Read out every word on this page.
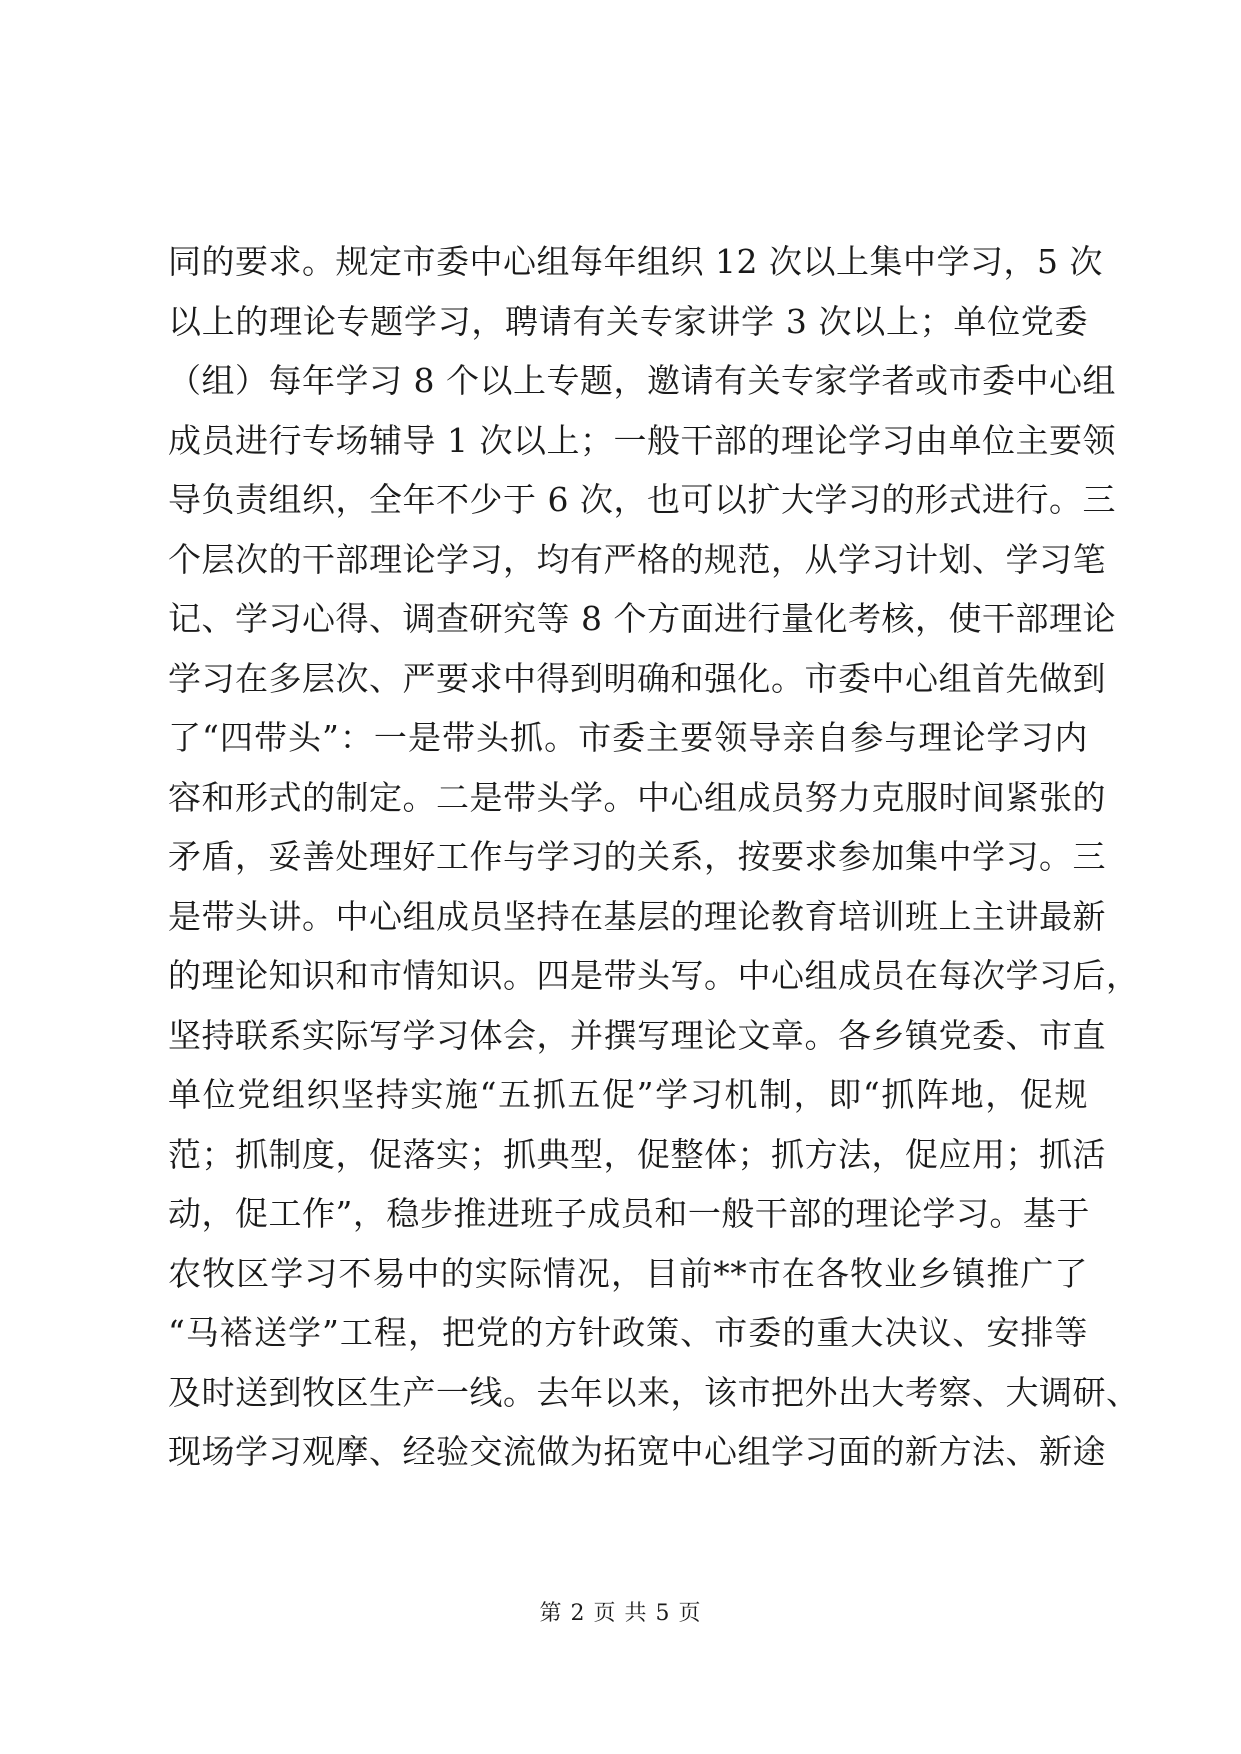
同的要求。规定市委中心组每年组织 12 次以上集中学习，5 次
以上的理论专题学习，聘请有关专家讲学 3 次以上；单位党委
（组）每年学习 8 个以上专题，邀请有关专家学者或市委中心组
成员进行专场辅导 1 次以上；一般干部的理论学习由单位主要领
导负责组织，全年不少于 6 次，也可以扩大学习的形式进行。三
个层次的干部理论学习，均有严格的规范，从学习计划、学习笔
记、学习心得、调查研究等 8 个方面进行量化考核，使干部理论
学习在多层次、严要求中得到明确和强化。市委中心组首先做到
了“四带头”：一是带头抓。市委主要领导亲自参与理论学习内
容和形式的制定。二是带头学。中心组成员努力克服时间紧张的
矛盾，妥善处理好工作与学习的关系，按要求参加集中学习。三
是带头讲。中心组成员坚持在基层的理论教育培训班上主讲最新
的理论知识和市情知识。四是带头写。中心组成员在每次学习后，
坚持联系实际写学习体会，并撰写理论文章。各乡镇党委、市直
单位党组织坚持实施“五抓五促”学习机制，即“抓阵地，促规
范；抓制度，促落实；抓典型，促整体；抓方法，促应用；抓活
动，促工作”，稳步推进班子成员和一般干部的理论学习。基于
农牧区学习不易中的实际情况，目前**市在各牧业乡镇推广了
“马褡送学”工程，把党的方针政策、市委的重大决议、安排等
及时送到牧区生产一线。去年以来，该市把外出大考察、大调研、
现场学习观摩、经验交流做为拓宽中心组学习面的新方法、新途
第 2 页 共 5 页
